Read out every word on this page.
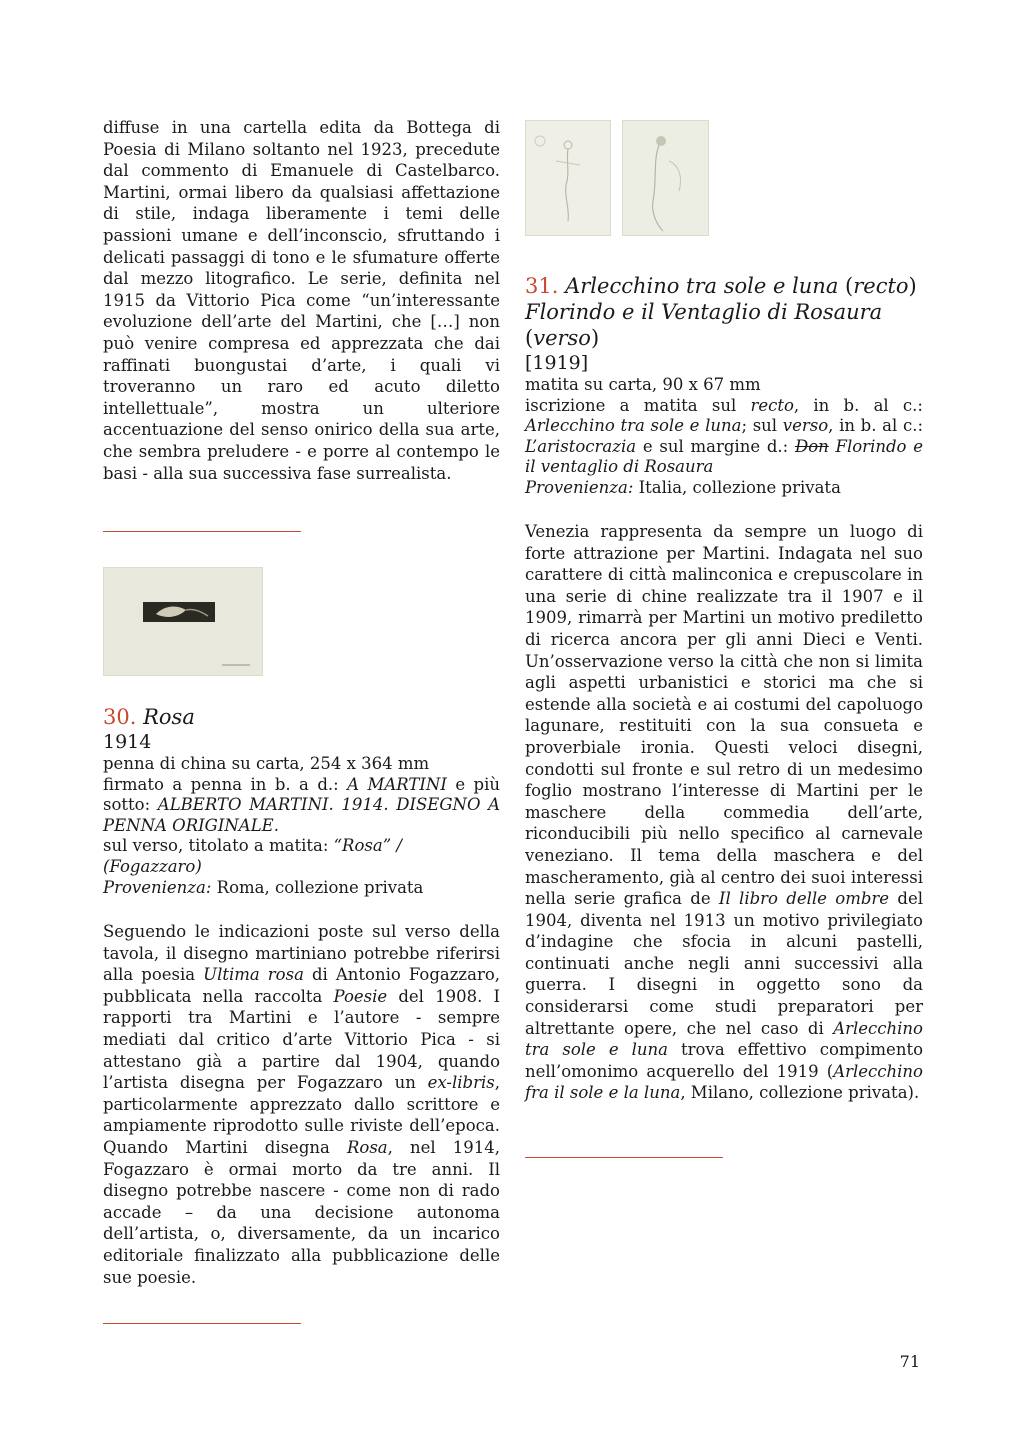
diffuse in una cartella edita da Bottega di Poesia di Milano soltanto nel 1923, precedute dal commento di Emanuele di Castelbarco. Martini, ormai libero da qualsiasi affettazione di stile, indaga liberamente i temi delle passioni umane e dell’inconscio, sfruttando i delicati passaggi di tono e le sfumature offerte dal mezzo litografico. Le serie, definita nel 1915 da Vittorio Pica come “un’interessante evoluzione dell’arte del Martini, che […] non può venire compresa ed apprezzata che dai raffinati buongustai d’arte, i quali vi troveranno un raro ed acuto diletto intellettuale”, mostra un ulteriore accentuazione del senso onirico della sua arte, che sembra preludere - e porre al contempo le basi - alla sua successiva fase surrealista.

30. Rosa

1914

penna di china su carta, 254 x 364 mm

firmato a penna in b. a d.: A MARTINI e più sotto: ALBERTO MARTINI. 1914. DISEGNO A PENNA ORIGINALE.

sul verso, titolato a matita: “Rosa” / (Fogazzaro)

Provenienza: Roma, collezione privata

Seguendo le indicazioni poste sul verso della tavola, il disegno martiniano potrebbe riferirsi alla poesia Ultima rosa di Antonio Fogazzaro, pubblicata nella raccolta Poesie del 1908. I rapporti tra Martini e l’autore - sempre mediati dal critico d’arte Vittorio Pica - si attestano già a partire dal 1904, quando l’artista disegna per Fogazzaro un ex-libris, particolarmente apprezzato dallo scrittore e ampiamente riprodotto sulle riviste dell’epoca. Quando Martini disegna Rosa, nel 1914, Fogazzaro è ormai morto da tre anni. Il disegno potrebbe nascere - come non di rado accade – da una decisione autonoma dell’artista, o, diversamente, da un incarico editoriale finalizzato alla pubblicazione delle sue poesie.

31. Arlecchino tra sole e luna (recto)

Florindo e il Ventaglio di Rosaura (verso)

[1919]

matita su carta, 90 x 67 mm

iscrizione a matita sul recto, in b. al c.: Arlecchino tra sole e luna; sul verso, in b. al c.: L’aristocrazia e sul margine d.: Don Florindo e il ventaglio di Rosaura

Provenienza: Italia, collezione privata

Venezia rappresenta da sempre un luogo di forte attrazione per Martini. Indagata nel suo carattere di città malinconica e crepuscolare in una serie di chine realizzate tra il 1907 e il 1909, rimarrà per Martini un motivo prediletto di ricerca ancora per gli anni Dieci e Venti. Un’osservazione verso la città che non si limita agli aspetti urbanistici e storici ma che si estende alla società e ai costumi del capoluogo lagunare, restituiti con la sua consueta e proverbiale ironia. Questi veloci disegni, condotti sul fronte e sul retro di un medesimo foglio mostrano l’interesse di Martini per le maschere della commedia dell’arte, riconducibili più nello specifico al carnevale veneziano. Il tema della maschera e del mascheramento, già al centro dei suoi interessi nella serie grafica de Il libro delle ombre del 1904, diventa nel 1913 un motivo privilegiato d’indagine che sfocia in alcuni pastelli, continuati anche negli anni successivi alla guerra. I disegni in oggetto sono da considerarsi come studi preparatori per altrettante opere, che nel caso di Arlecchino tra sole e luna trova effettivo compimento nell’omonimo acquerello del 1919 (Arlecchino fra il sole e la luna, Milano, collezione privata).

71
